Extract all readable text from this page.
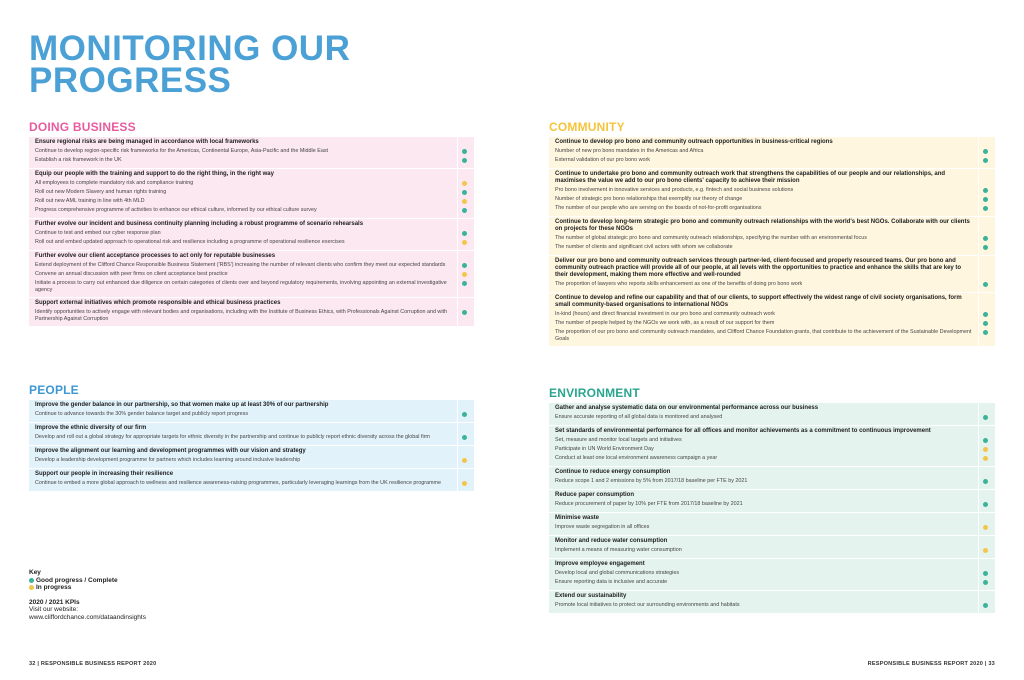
MONITORING OUR
PROGRESS
DOING BUSINESS
Ensure regional risks are being managed in accordance with local frameworks
Continue to develop region-specific risk frameworks for the Americas, Continental Europe, Asia-Pacific and the Middle East
Establish a risk framework in the UK
Equip our people with the training and support to do the right thing, in the right way
All employees to complete mandatory risk and compliance training
Roll out new Modern Slavery and human rights training
Roll out new AML training in line with 4th MLD
Progress comprehensive programme of activities to enhance our ethical culture, informed by our ethical culture survey
Further evolve our incident and business continuity planning including a robust programme of scenario rehearsals
Continue to test and embed our cyber response plan
Roll out and embed updated approach to operational risk and resilience including a programme of operational resilience exercises
Further evolve our client acceptance processes to act only for reputable businesses
Extend deployment of the Clifford Chance Responsible Business Statement ('RBS') increasing the number of relevant clients who confirm they meet our expected standards
Convene an annual discussion with peer firms on client acceptance best practice
Initiate a process to carry out enhanced due diligence on certain categories of clients over and beyond regulatory requirements, involving appointing an external investigative agency
Support external initiatives which promote responsible and ethical business practices
Identify opportunities to actively engage with relevant bodies and organisations, including with the Institute of Business Ethics, with Professionals Against Corruption and with Partnership Against Corruption
PEOPLE
Improve the gender balance in our partnership, so that women make up at least 30% of our partnership
Continue to advance towards the 30% gender balance target and publicly report progress
Improve the ethnic diversity of our firm
Develop and roll out a global strategy for appropriate targets for ethnic diversity in the partnership and continue to publicly report ethnic diversity across the global firm
Improve the alignment our learning and development programmes with our vision and strategy
Develop a leadership development programme for partners which includes learning around inclusive leadership
Support our people in increasing their resilience
Continue to embed a more global approach to wellness and resilience awareness-raising programmes, particularly leveraging learnings from the UK resilience programme
COMMUNITY
Continue to develop pro bono and community outreach opportunities in business-critical regions
Number of new pro bono mandates in the Americas and Africa
External validation of our pro bono work
Continue to undertake pro bono and community outreach work that strengthens the capabilities of our people and our relationships, and maximises the value we add to our pro bono clients' capacity to achieve their mission
Pro bono involvement in innovative services and products, e.g. fintech and social business solutions
Number of strategic pro bono relationships that exemplify our theory of change
The number of our people who are serving on the boards of not-for-profit organisations
Continue to develop long-term strategic pro bono and community outreach relationships with the world's best NGOs. Collaborate with our clients on projects for these NGOs
The number of global strategic pro bono and community outreach relationships, specifying the number with an environmental focus
The number of clients and significant civil actors with whom we collaborate
Deliver our pro bono and community outreach services through partner-led, client-focused and properly resourced teams. Our pro bono and community outreach practice will provide all of our people, at all levels with the opportunities to practice and enhance the skills that are key to their development, making them more effective and well-rounded
The proportion of lawyers who reports skills enhancement as one of the benefits of doing pro bono work
Continue to develop and refine our capability and that of our clients, to support effectively the widest range of civil society organisations, form small community-based organisations to international NGOs
In-kind (hours) and direct financial investment in our pro bono and community outreach work
The number of people helped by the NGOs we work with, as a result of our support for them
The proportion of our pro bono and community outreach mandates, and Clifford Chance Foundation grants, that contribute to the achievement of the Sustainable Development Goals
ENVIRONMENT
Gather and analyse systematic data on our environmental performance across our business
Ensure accurate reporting of all global data is monitored and analysed
Set standards of environmental performance for all offices and monitor achievements as a commitment to continuous improvement
Set, measure and monitor local targets and initiatives
Participate in UN World Environment Day
Conduct at least one local environment awareness campaign a year
Continue to reduce energy consumption
Reduce scope 1 and 2 emissions by 5% from 2017/18 baseline per FTE by 2021
Reduce paper consumption
Reduce procurement of paper by 10% per FTE from 2017/18 baseline by 2021
Minimise waste
Improve waste segregation in all offices
Monitor and reduce water consumption
Implement a means of measuring water consumption
Improve employee engagement
Develop local and global communications strategies
Ensure reporting data is inclusive and accurate
Extend our sustainability
Promote local initiatives to protect our surrounding environments and habitats
Key
Good progress / Complete
In progress
2020 / 2021 KPIs
Visit our website:
www.cliffordchance.com/dataandinsights
32 | RESPONSIBLE BUSINESS REPORT 2020	RESPONSIBLE BUSINESS REPORT 2020 | 33
